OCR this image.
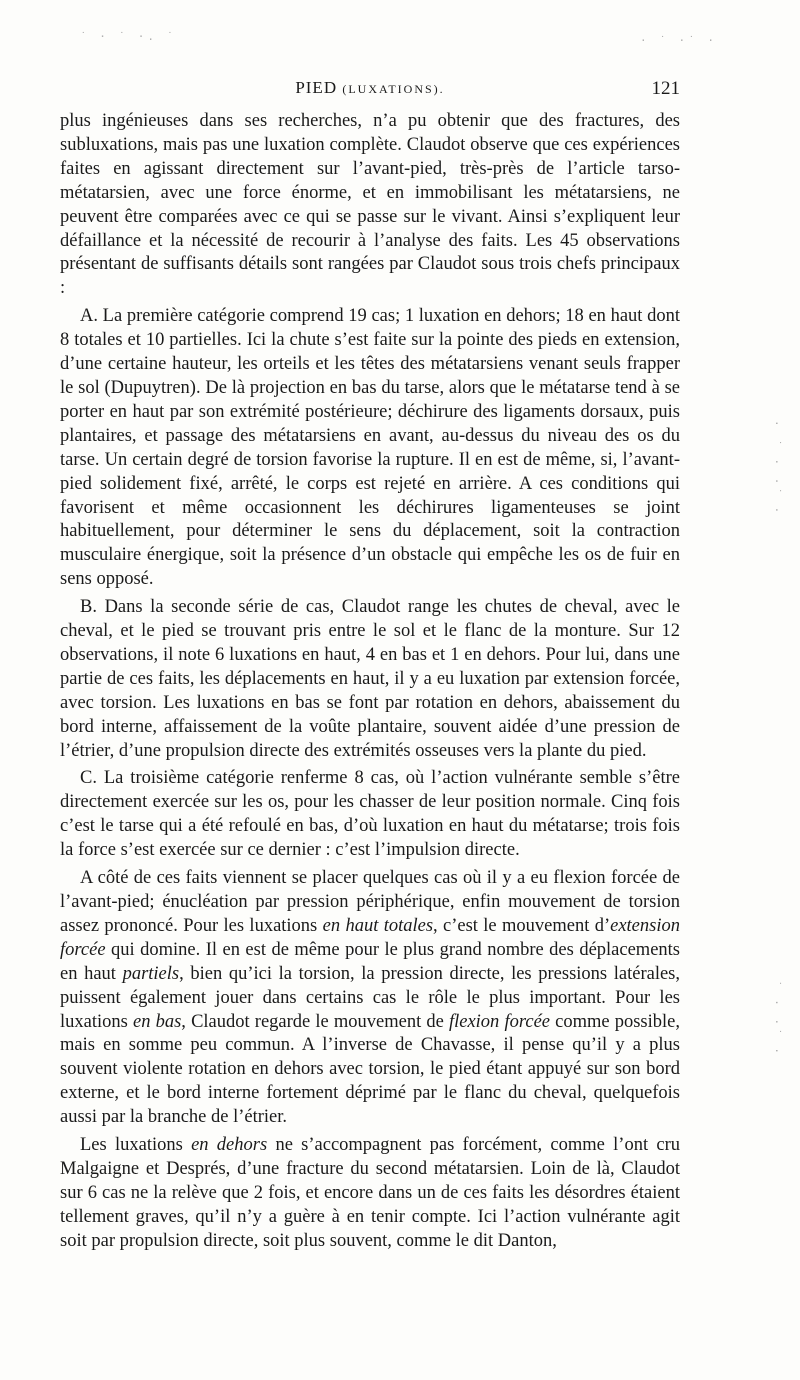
˙ · ˙ ·. ˙	· ˙ ·˙ ·
· ˙ · ·˙ ·
˙ · ·˙ ·
PIED (LUXATIONS).	121

plus ingénieuses dans ses recherches, n’a pu obtenir que des fractures, des subluxations, mais pas une luxation complète. Claudot observe que ces expériences faites en agissant directement sur l’avant-pied, très-près de l’article tarso-métatarsien, avec une force énorme, et en immobilisant les métatarsiens, ne peuvent être comparées avec ce qui se passe sur le vivant. Ainsi s’expliquent leur défaillance et la nécessité de recourir à l’analyse des faits. Les 45 observations présentant de suffisants détails sont rangées par Claudot sous trois chefs principaux :

A. La première catégorie comprend 19 cas; 1 luxation en dehors; 18 en haut dont 8 totales et 10 partielles. Ici la chute s’est faite sur la pointe des pieds en extension, d’une certaine hauteur, les orteils et les têtes des métatarsiens venant seuls frapper le sol (Dupuytren). De là projection en bas du tarse, alors que le métatarse tend à se porter en haut par son extrémité postérieure; déchirure des ligaments dorsaux, puis plantaires, et passage des métatarsiens en avant, au-dessus du niveau des os du tarse. Un certain degré de torsion favorise la rupture. Il en est de même, si, l’avant-pied solidement fixé, arrêté, le corps est rejeté en arrière. A ces conditions qui favorisent et même occasionnent les déchirures ligamenteuses se joint habituellement, pour déterminer le sens du déplacement, soit la contraction musculaire énergique, soit la présence d’un obstacle qui empêche les os de fuir en sens opposé.

B. Dans la seconde série de cas, Claudot range les chutes de cheval, avec le cheval, et le pied se trouvant pris entre le sol et le flanc de la monture. Sur 12 observations, il note 6 luxations en haut, 4 en bas et 1 en dehors. Pour lui, dans une partie de ces faits, les déplacements en haut, il y a eu luxation par extension forcée, avec torsion. Les luxations en bas se font par rotation en dehors, abaissement du bord interne, affaissement de la voûte plantaire, souvent aidée d’une pression de l’étrier, d’une propulsion directe des extrémités osseuses vers la plante du pied.

C. La troisième catégorie renferme 8 cas, où l’action vulnérante semble s’être directement exercée sur les os, pour les chasser de leur position normale. Cinq fois c’est le tarse qui a été refoulé en bas, d’où luxation en haut du métatarse; trois fois la force s’est exercée sur ce dernier : c’est l’impulsion directe.

A côté de ces faits viennent se placer quelques cas où il y a eu flexion forcée de l’avant-pied; énucléation par pression périphérique, enfin mouvement de torsion assez prononcé. Pour les luxations en haut totales, c’est le mouvement d’extension forcée qui domine. Il en est de même pour le plus grand nombre des déplacements en haut partiels, bien qu’ici la torsion, la pression directe, les pressions latérales, puissent également jouer dans certains cas le rôle le plus important. Pour les luxations en bas, Claudot regarde le mouvement de flexion forcée comme possible, mais en somme peu commun. A l’inverse de Chavasse, il pense qu’il y a plus souvent violente rotation en dehors avec torsion, le pied étant appuyé sur son bord externe, et le bord interne fortement déprimé par le flanc du cheval, quelquefois aussi par la branche de l’étrier.

Les luxations en dehors ne s’accompagnent pas forcément, comme l’ont cru Malgaigne et Després, d’une fracture du second métatarsien. Loin de là, Claudot sur 6 cas ne la relève que 2 fois, et encore dans un de ces faits les désordres étaient tellement graves, qu’il n’y a guère à en tenir compte. Ici l’action vulnérante agit soit par propulsion directe, soit plus souvent, comme le dit Danton,
